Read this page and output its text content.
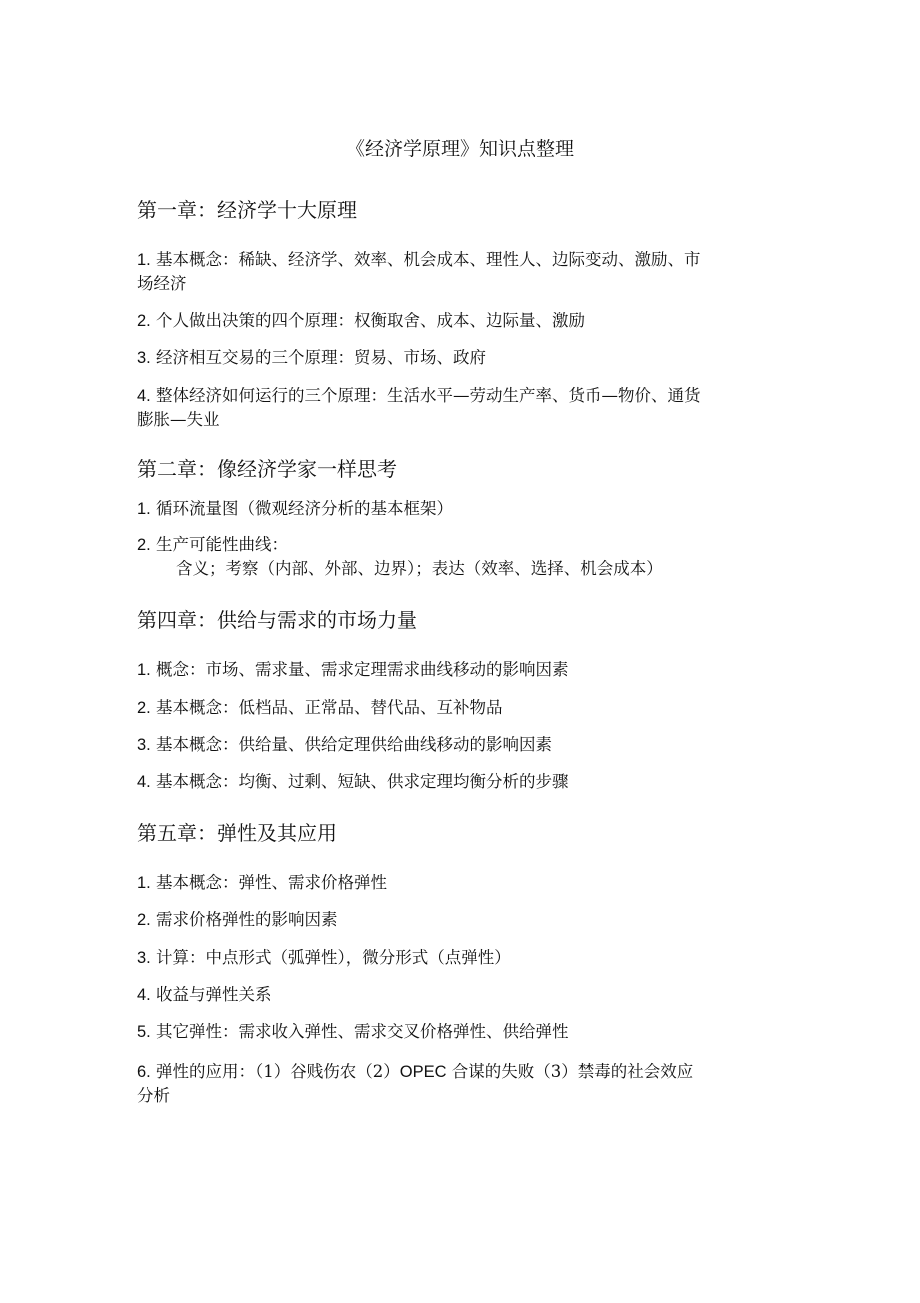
《经济学原理》知识点整理
第一章：经济学十大原理
1. 基本概念：稀缺、经济学、效率、机会成本、理性人、边际变动、激励、市
场经济
2. 个人做出决策的四个原理：权衡取舍、成本、边际量、激励
3. 经济相互交易的三个原理：贸易、市场、政府
4. 整体经济如何运行的三个原理：生活水平—劳动生产率、货币—物价、通货
膨胀—失业
第二章：像经济学家一样思考
1. 循环流量图（微观经济分析的基本框架）
2. 生产可能性曲线：
含义；考察（内部、外部、边界）；表达（效率、选择、机会成本）
第四章：供给与需求的市场力量
1. 概念：市场、需求量、需求定理需求曲线移动的影响因素
2. 基本概念：低档品、正常品、替代品、互补物品
3. 基本概念：供给量、供给定理供给曲线移动的影响因素
4. 基本概念：均衡、过剩、短缺、供求定理均衡分析的步骤
第五章：弹性及其应用
1. 基本概念：弹性、需求价格弹性
2. 需求价格弹性的影响因素
3. 计算：中点形式（弧弹性），微分形式（点弹性）
4. 收益与弹性关系
5. 其它弹性：需求收入弹性、需求交叉价格弹性、供给弹性
6. 弹性的应用：（1）谷贱伤农（2）OPEC 合谋的失败（3）禁毒的社会效应
分析
